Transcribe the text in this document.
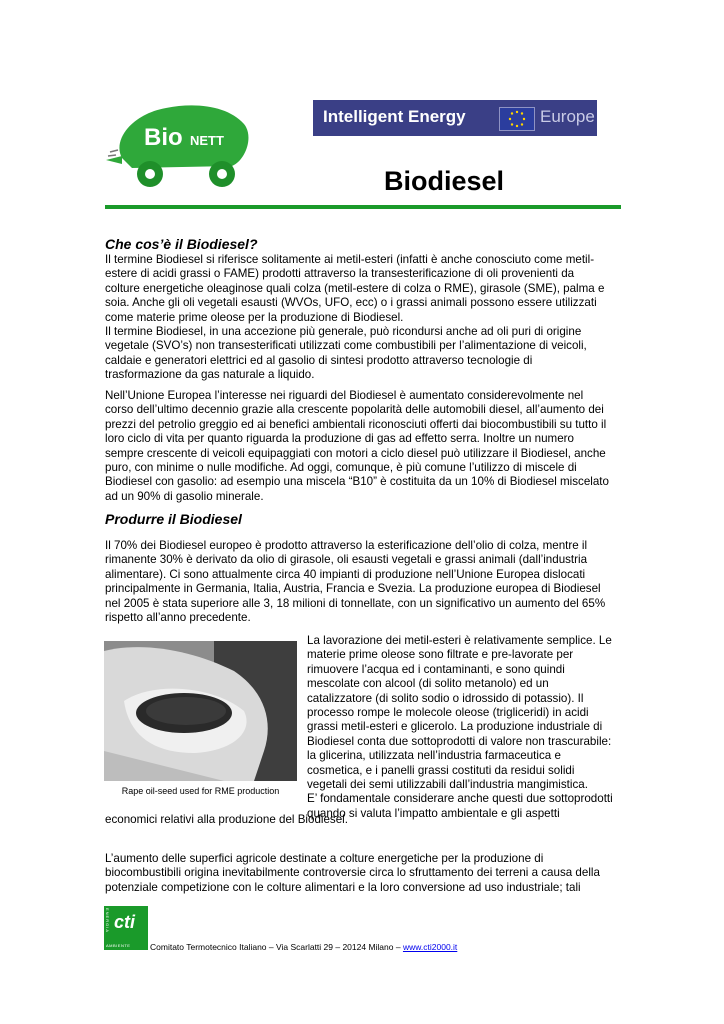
Bio NETT
Intelligent Energy	Europe
Biodiesel
Che cos’è il Biodiesel?

Il termine Biodiesel si riferisce solitamente ai metil-esteri (infatti è anche conosciuto come metil-
estere di acidi grassi o FAME) prodotti attraverso la transesterificazione di oli provenienti da
colture energetiche oleaginose quali colza (metil-estere di colza o RME), girasole (SME), palma e
soia. Anche gli oli vegetali esausti (WVOs, UFO, ecc) o i grassi animali possono essere utilizzati
come materie prime oleose per la produzione di Biodiesel.
Il termine Biodiesel, in una accezione più generale, può ricondursi anche ad oli puri di origine
vegetale (SVO’s) non transesterificati utilizzati come combustibili per l’alimentazione di veicoli,
caldaie e generatori elettrici ed al gasolio di sintesi prodotto attraverso tecnologie di
trasformazione da gas naturale a liquido.

Nell’Unione Europea l’interesse nei riguardi del Biodiesel è aumentato considerevolmente nel
corso dell’ultimo decennio grazie alla crescente popolarità delle automobili diesel, all’aumento dei
prezzi del petrolio greggio ed ai benefici ambientali riconosciuti offerti dai biocombustibili su tutto il
loro ciclo di vita per quanto riguarda la produzione di gas ad effetto serra. Inoltre un numero
sempre crescente di veicoli equipaggiati con motori a ciclo diesel può utilizzare il Biodiesel, anche
puro, con minime o nulle modifiche. Ad oggi, comunque, è più comune l’utilizzo di miscele di
Biodiesel con gasolio: ad esempio una miscela “B10” è costituita da un 10% di Biodiesel miscelato
ad un 90% di gasolio minerale.

Produrre il Biodiesel

Il 70% dei Biodiesel europeo è prodotto attraverso la esterificazione dell’olio di colza, mentre il
rimanente 30% è derivato da olio di girasole, oli esausti vegetali e grassi animali (dall’industria
alimentare). Ci sono attualmente circa 40 impianti di produzione nell’Unione Europea dislocati
principalmente in Germania, Italia, Austria, Francia e Svezia. La produzione europea di Biodiesel
nel 2005 è stata superiore alle 3, 18 milioni di tonnellate, con un significativo un aumento del 65%
rispetto all’anno precedente.

Rape oil-seed used for RME production

La lavorazione dei metil-esteri è relativamente semplice. Le
materie prime oleose sono filtrate e pre-lavorate per
rimuovere l’acqua ed i contaminanti, e sono quindi
mescolate con alcool (di solito metanolo) ed un
catalizzatore (di solito sodio o idrossido di potassio). Il
processo rompe le molecole oleose (trigliceridi) in acidi
grassi metil-esteri e glicerolo. La produzione industriale di
Biodiesel conta due sottoprodotti di valore non trascurabile:
la glicerina, utilizzata nell’industria farmaceutica e
cosmetica, e i panelli grassi costituti da residui solidi
vegetali dei semi utilizzabili dall’industria mangimistica.
E’ fondamentale considerare anche questi due sottoprodotti
quando si valuta l’impatto ambientale e gli aspetti

economici relativi alla produzione del Biodiesel.

L’aumento delle superfici agricole destinate a colture energetiche per la produzione di
biocombustibili origina inevitabilmente controversie circa lo sfruttamento dei terreni a causa della
potenziale competizione con le colture alimentari e la loro conversione ad uso industriale; tali

cti
ENERGIA
AMBIENTE Comitato Termotecnico Italiano – Via Scarlatti 29 – 20124 Milano – www.cti2000.it
